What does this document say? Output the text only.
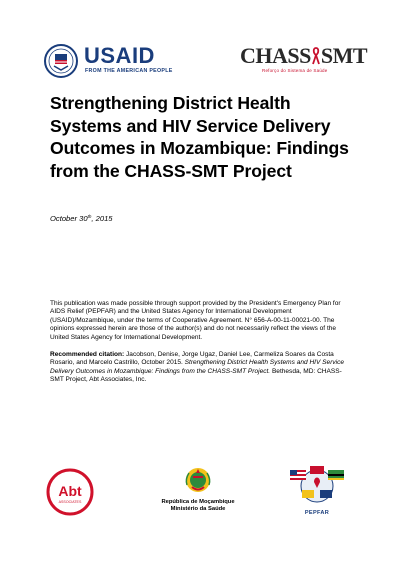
USAID
FROM THE AMERICAN PEOPLE
CHASS SMT
Reforço do Sistema de Saúde
Strengthening District Health Systems and HIV Service Delivery Outcomes in Mozambique: Findings from the CHASS-SMT Project
October 30th, 2015

This publication was made possible through support provided by the President's Emergency Plan for AIDS Relief (PEPFAR) and the United States Agency for International Development (USAID)/Mozambique, under the terms of Cooperative Agreement. N° 656-A-00-11-00021-00. The opinions expressed herein are those of the author(s) and do not necessarily reflect the views of the United States Agency for International Development.

Recommended citation: Jacobson, Denise, Jorge Ugaz, Daniel Lee, Carmeliza Soares da Costa Rosario, and Marcelo Castrillo, October 2015. Strengthening District Health Systems and HIV Service Delivery Outcomes in Mozambique: Findings from the CHASS-SMT Project. Bethesda, MD: CHASS-SMT Project, Abt Associates, Inc.

Abt
ASSOCIATES	República de Moçambique
Ministério da Saúde
PEPFAR
